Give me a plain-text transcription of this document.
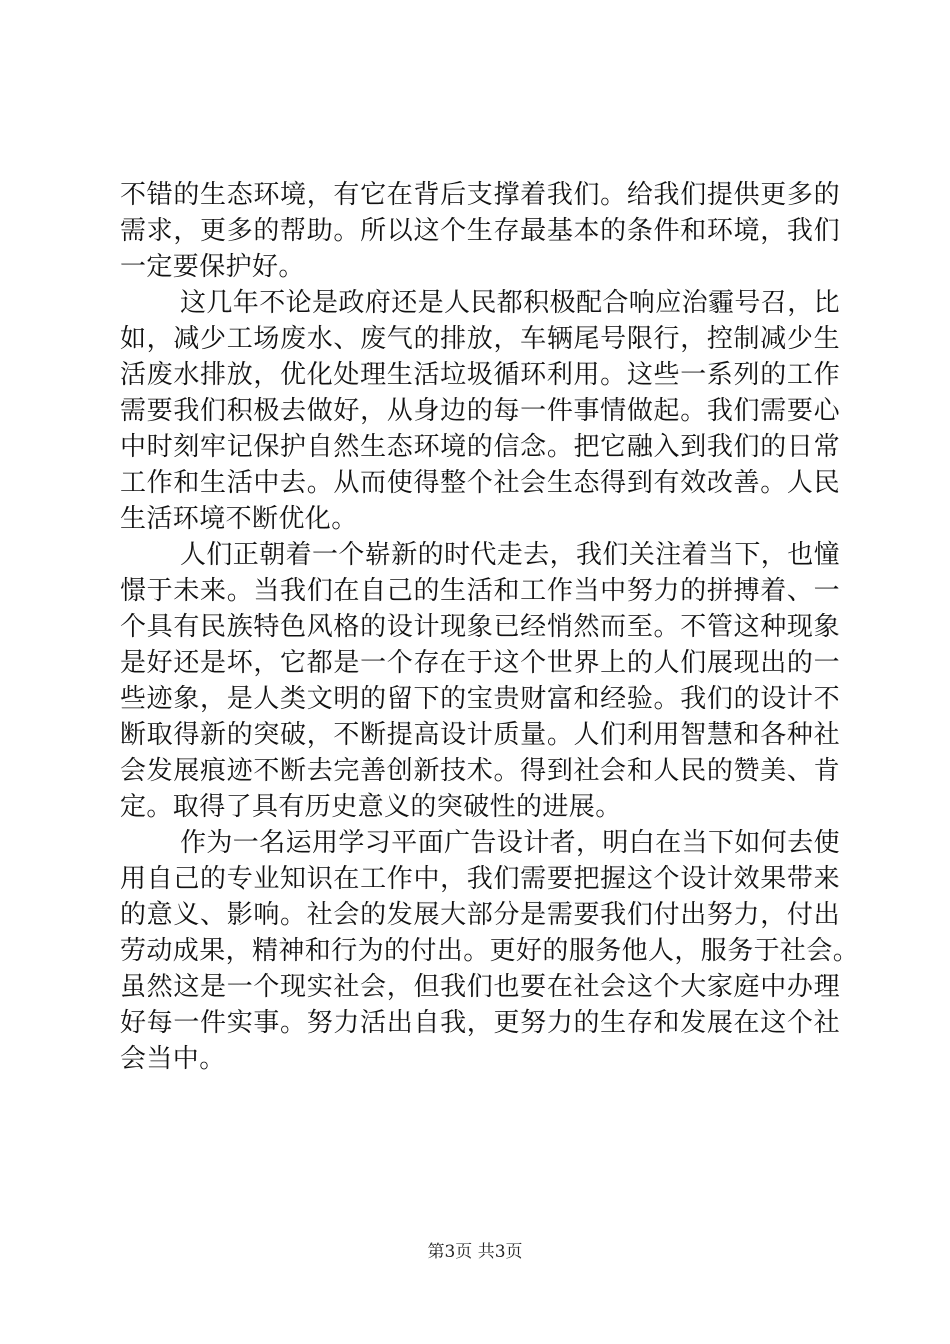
不错的生态环境，有它在背后支撑着我们。给我们提供更多的
需求，更多的帮助。所以这个生存最基本的条件和环境，我们
一定要保护好。
这几年不论是政府还是人民都积极配合响应治霾号召，比
如，减少工场废水、废气的排放，车辆尾号限行，控制减少生
活废水排放，优化处理生活垃圾循环利用。这些一系列的工作
需要我们积极去做好，从身边的每一件事情做起。我们需要心
中时刻牢记保护自然生态环境的信念。把它融入到我们的日常
工作和生活中去。从而使得整个社会生态得到有效改善。人民
生活环境不断优化。
人们正朝着一个崭新的时代走去，我们关注着当下，也憧
憬于未来。当我们在自己的生活和工作当中努力的拼搏着、一
个具有民族特色风格的设计现象已经悄然而至。不管这种现象
是好还是坏，它都是一个存在于这个世界上的人们展现出的一
些迹象，是人类文明的留下的宝贵财富和经验。我们的设计不
断取得新的突破，不断提高设计质量。人们利用智慧和各种社
会发展痕迹不断去完善创新技术。得到社会和人民的赞美、肯
定。取得了具有历史意义的突破性的进展。
作为一名运用学习平面广告设计者，明白在当下如何去使
用自己的专业知识在工作中，我们需要把握这个设计效果带来
的意义、影响。社会的发展大部分是需要我们付出努力，付出
劳动成果，精神和行为的付出。更好的服务他人，服务于社会。
虽然这是一个现实社会，但我们也要在社会这个大家庭中办理
好每一件实事。努力活出自我，更努力的生存和发展在这个社
会当中。
第3页 共3页
